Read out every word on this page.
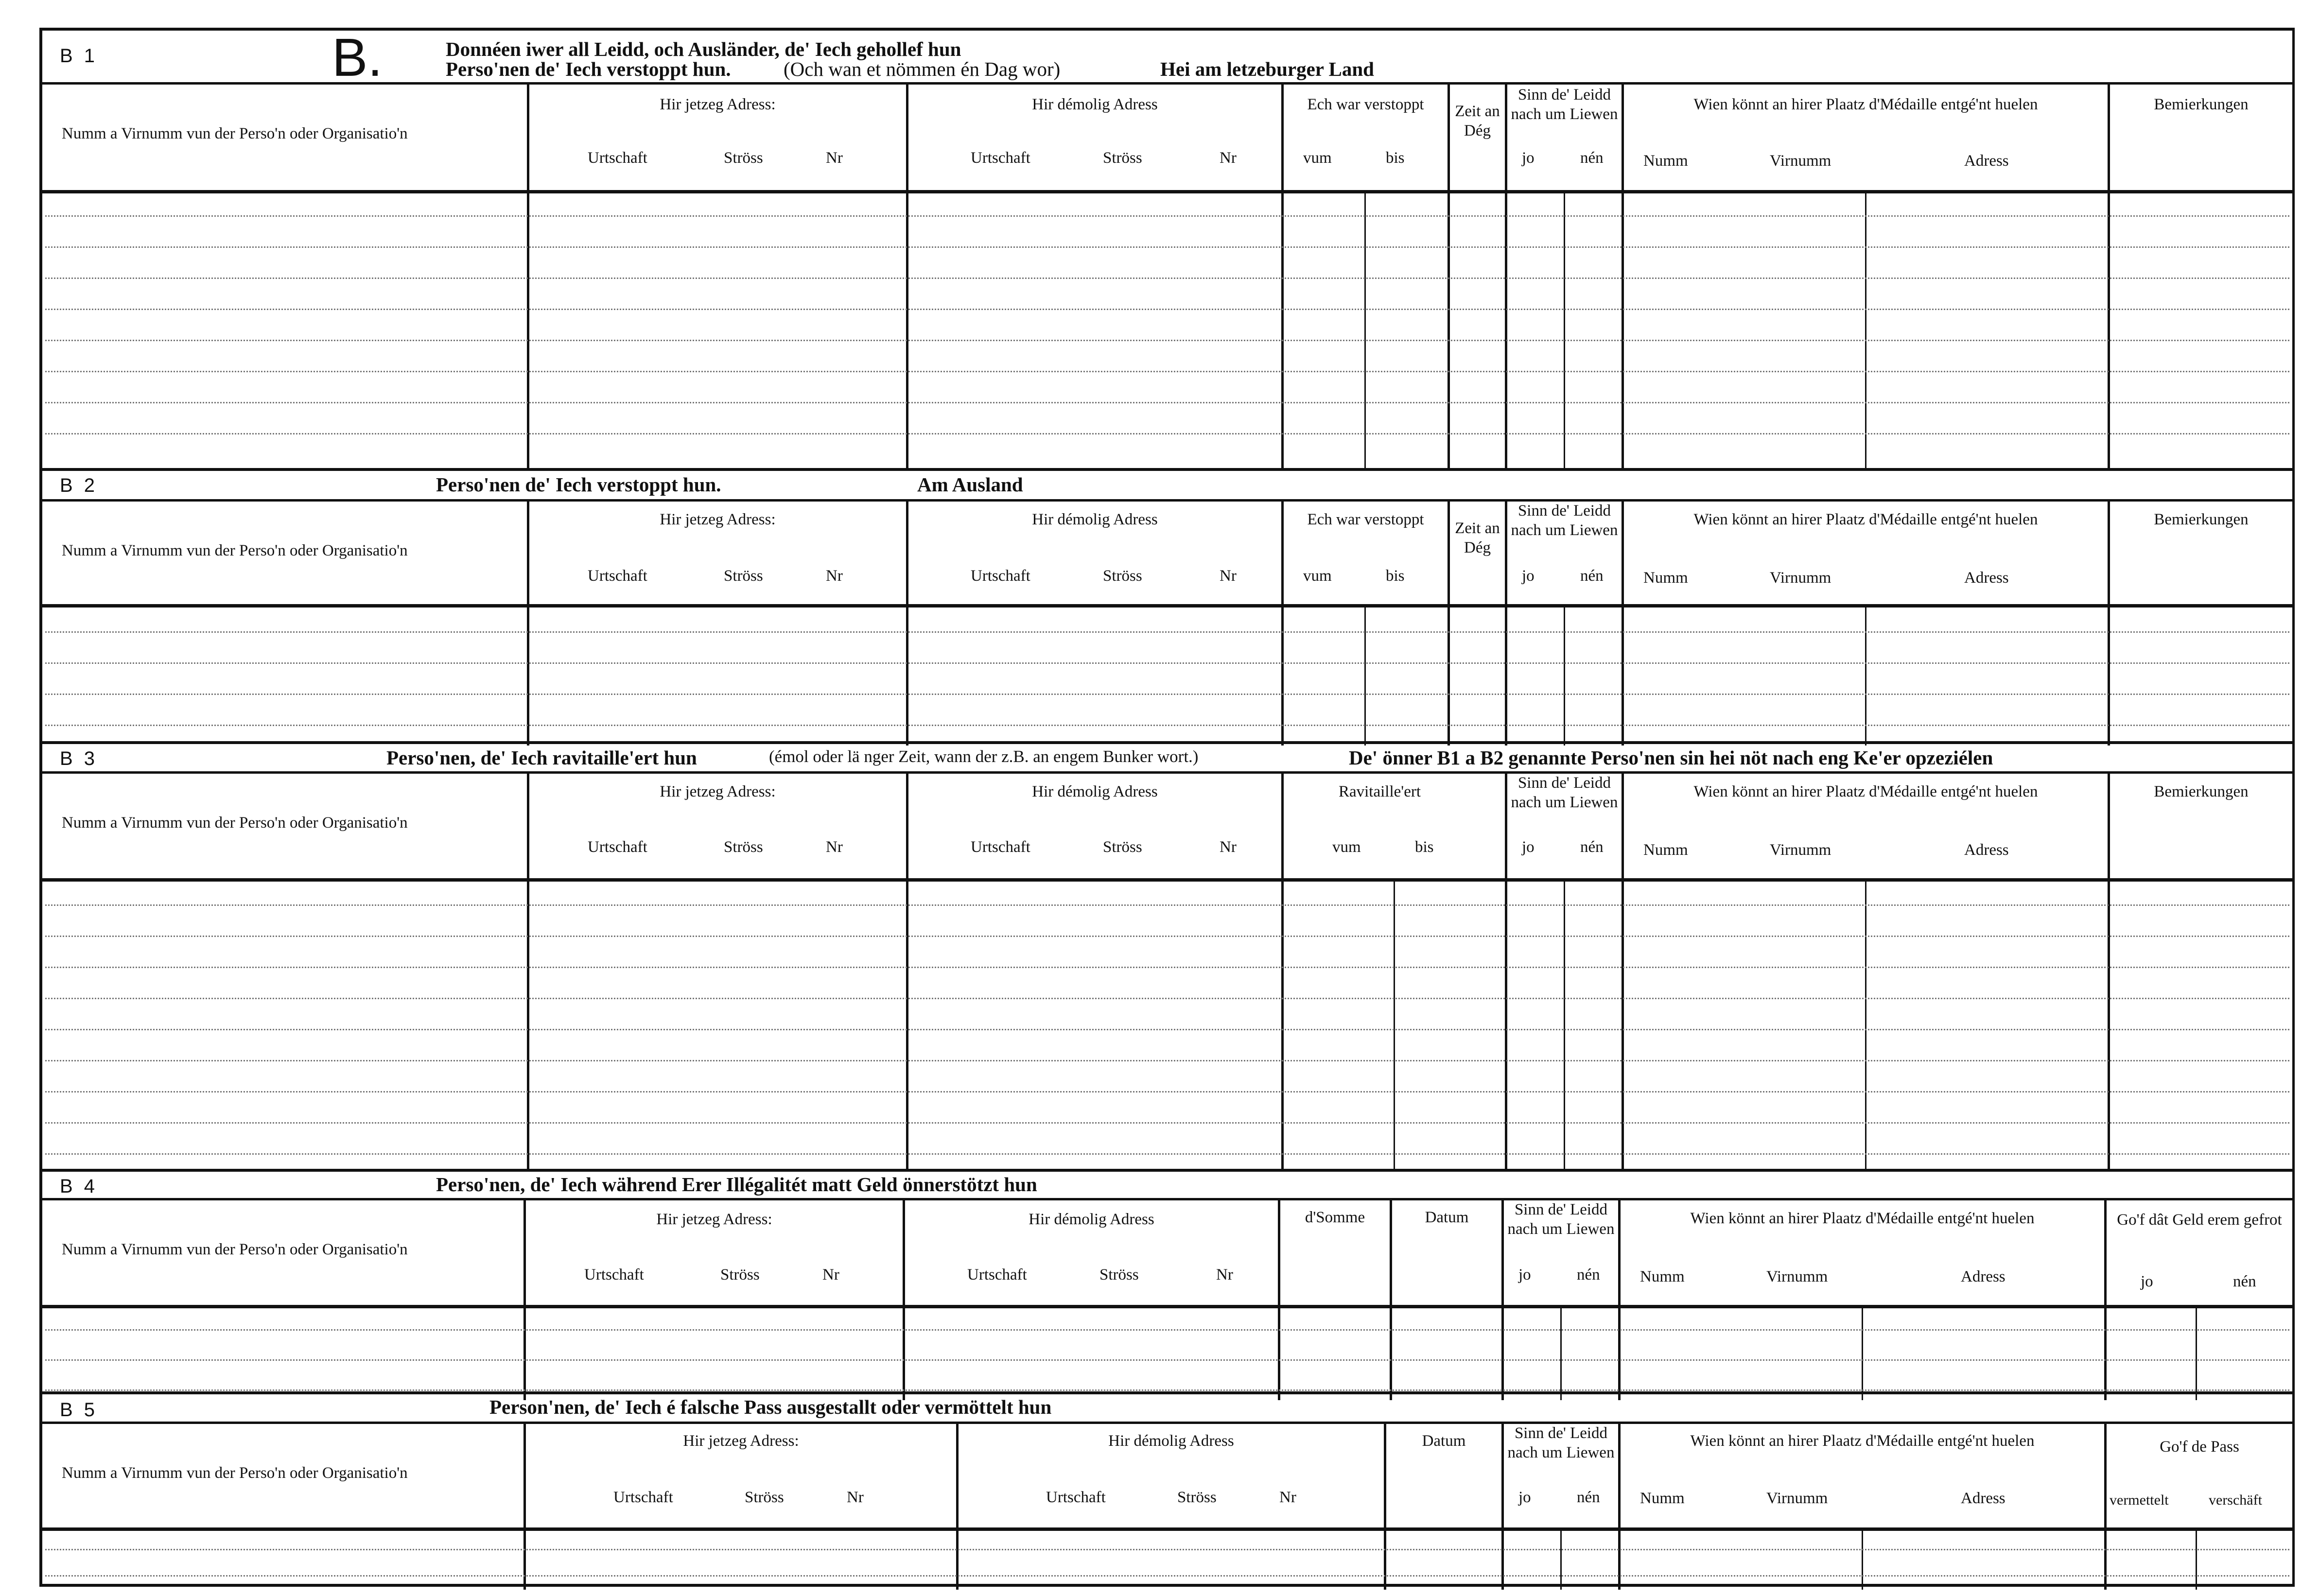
B 1	B.	Donnéen iwer all Leidd, och Ausländer, de' Iech gehollef hun
Perso'nen de' Iech verstoppt hun.	(Och wan et nömmen én Dag wor)	Hei am letzeburger Land
Numm a Virnumm vun der Perso'n oder Organisatio'n
Hir jetzeg Adress:
Urtschaft	Ströss	Nr
Hir démolig Adress
Urtschaft	Ströss	Nr
Ech war verstoppt
vum	bis
Zeit an Dég
Sinn de' Leidd nach um Liewen
jo	nén
Wien könnt an hirer Plaatz d'Médaille entgé'nt huelen
Numm	Virnumm	Adress
Bemierkungen
B 2	Perso'nen de' Iech verstoppt hun.	Am Ausland
Numm a Virnumm vun der Perso'n oder Organisatio'n
Hir jetzeg Adress:
Urtschaft	Ströss	Nr
Hir démolig Adress
Urtschaft	Ströss	Nr
Ech war verstoppt
vum	bis
Zeit an Dég
Sinn de' Leidd nach um Liewen
jo	nén
Wien könnt an hirer Plaatz d'Médaille entgé'nt huelen
Numm	Virnumm	Adress
Bemierkungen
B 3	Perso'nen, de' Iech ravitaille'ert hun	(émol oder lä nger Zeit, wann der z.B. an engem Bunker wort.)	De' önner B1 a B2 genannte Perso'nen sin hei nöt nach eng Ke'er opzeziélen
Numm a Virnumm vun der Perso'n oder Organisatio'n
Hir jetzeg Adress:
Urtschaft	Ströss	Nr
Hir démolig Adress
Urtschaft	Ströss	Nr
Ravitaille'ert
vum	bis
Sinn de' Leidd nach um Liewen
jo	nén
Wien könnt an hirer Plaatz d'Médaille entgé'nt huelen
Numm	Virnumm	Adress
Bemierkungen
B 4	Perso'nen, de' Iech während Erer Illégalitét matt Geld önnerstötzt hun
Numm a Virnumm vun der Perso'n oder Organisatio'n
Hir jetzeg Adress:
Urtschaft	Ströss	Nr
Hir démolig Adress
Urtschaft	Ströss	Nr
d'Somme	Datum	Sinn de' Leidd nach um Liewen
jo	nén
Wien könnt an hirer Plaatz d'Médaille entgé'nt huelen
Numm	Virnumm	Adress
Go'f dât Geld erem gefrot
jo	nén
B 5	Person'nen, de' Iech é falsche Pass ausgestallt oder vermöttelt hun
Numm a Virnumm vun der Perso'n oder Organisatio'n
Hir jetzeg Adress:
Urtschaft	Ströss	Nr
Hir démolig Adress
Urtschaft	Ströss	Nr
Datum	Sinn de' Leidd nach um Liewen
jo	nén
Wien könnt an hirer Plaatz d'Médaille entgé'nt huelen
Numm	Virnumm	Adress
Go'f de Pass
vermettelt	verschäft
